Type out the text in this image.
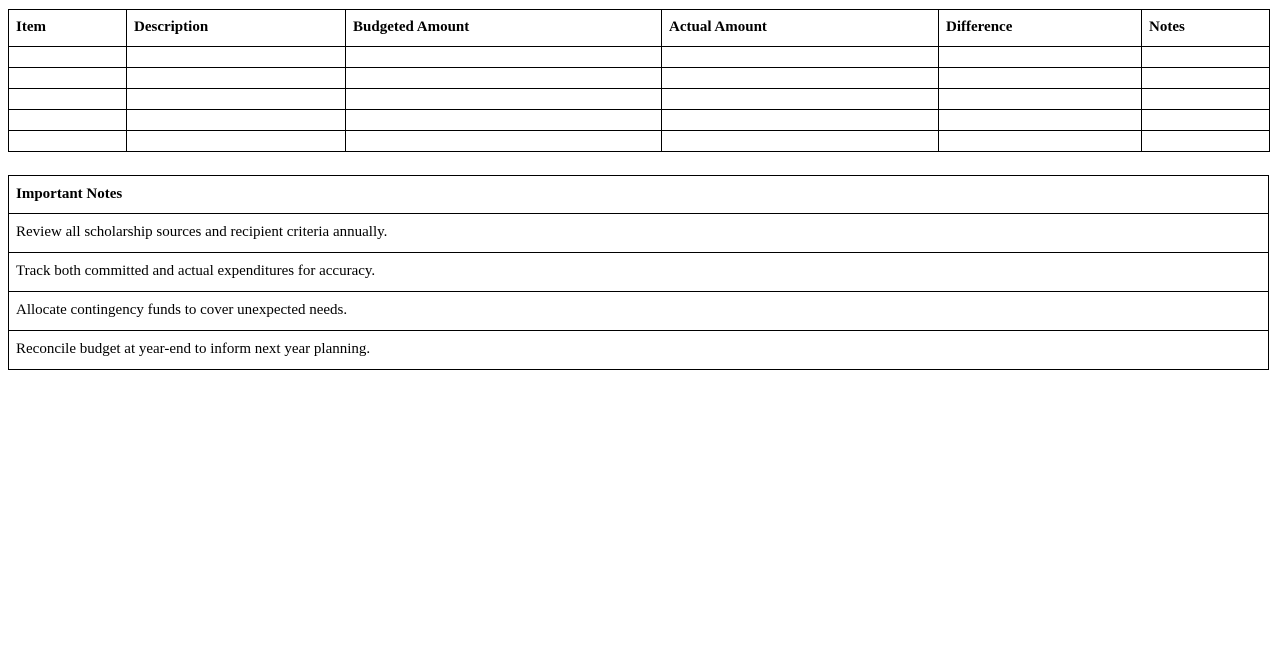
Item	Description	Budgeted Amount	Actual Amount	Difference	Notes

Important Notes
Review all scholarship sources and recipient criteria annually.
Track both committed and actual expenditures for accuracy.
Allocate contingency funds to cover unexpected needs.
Reconcile budget at year-end to inform next year planning.
